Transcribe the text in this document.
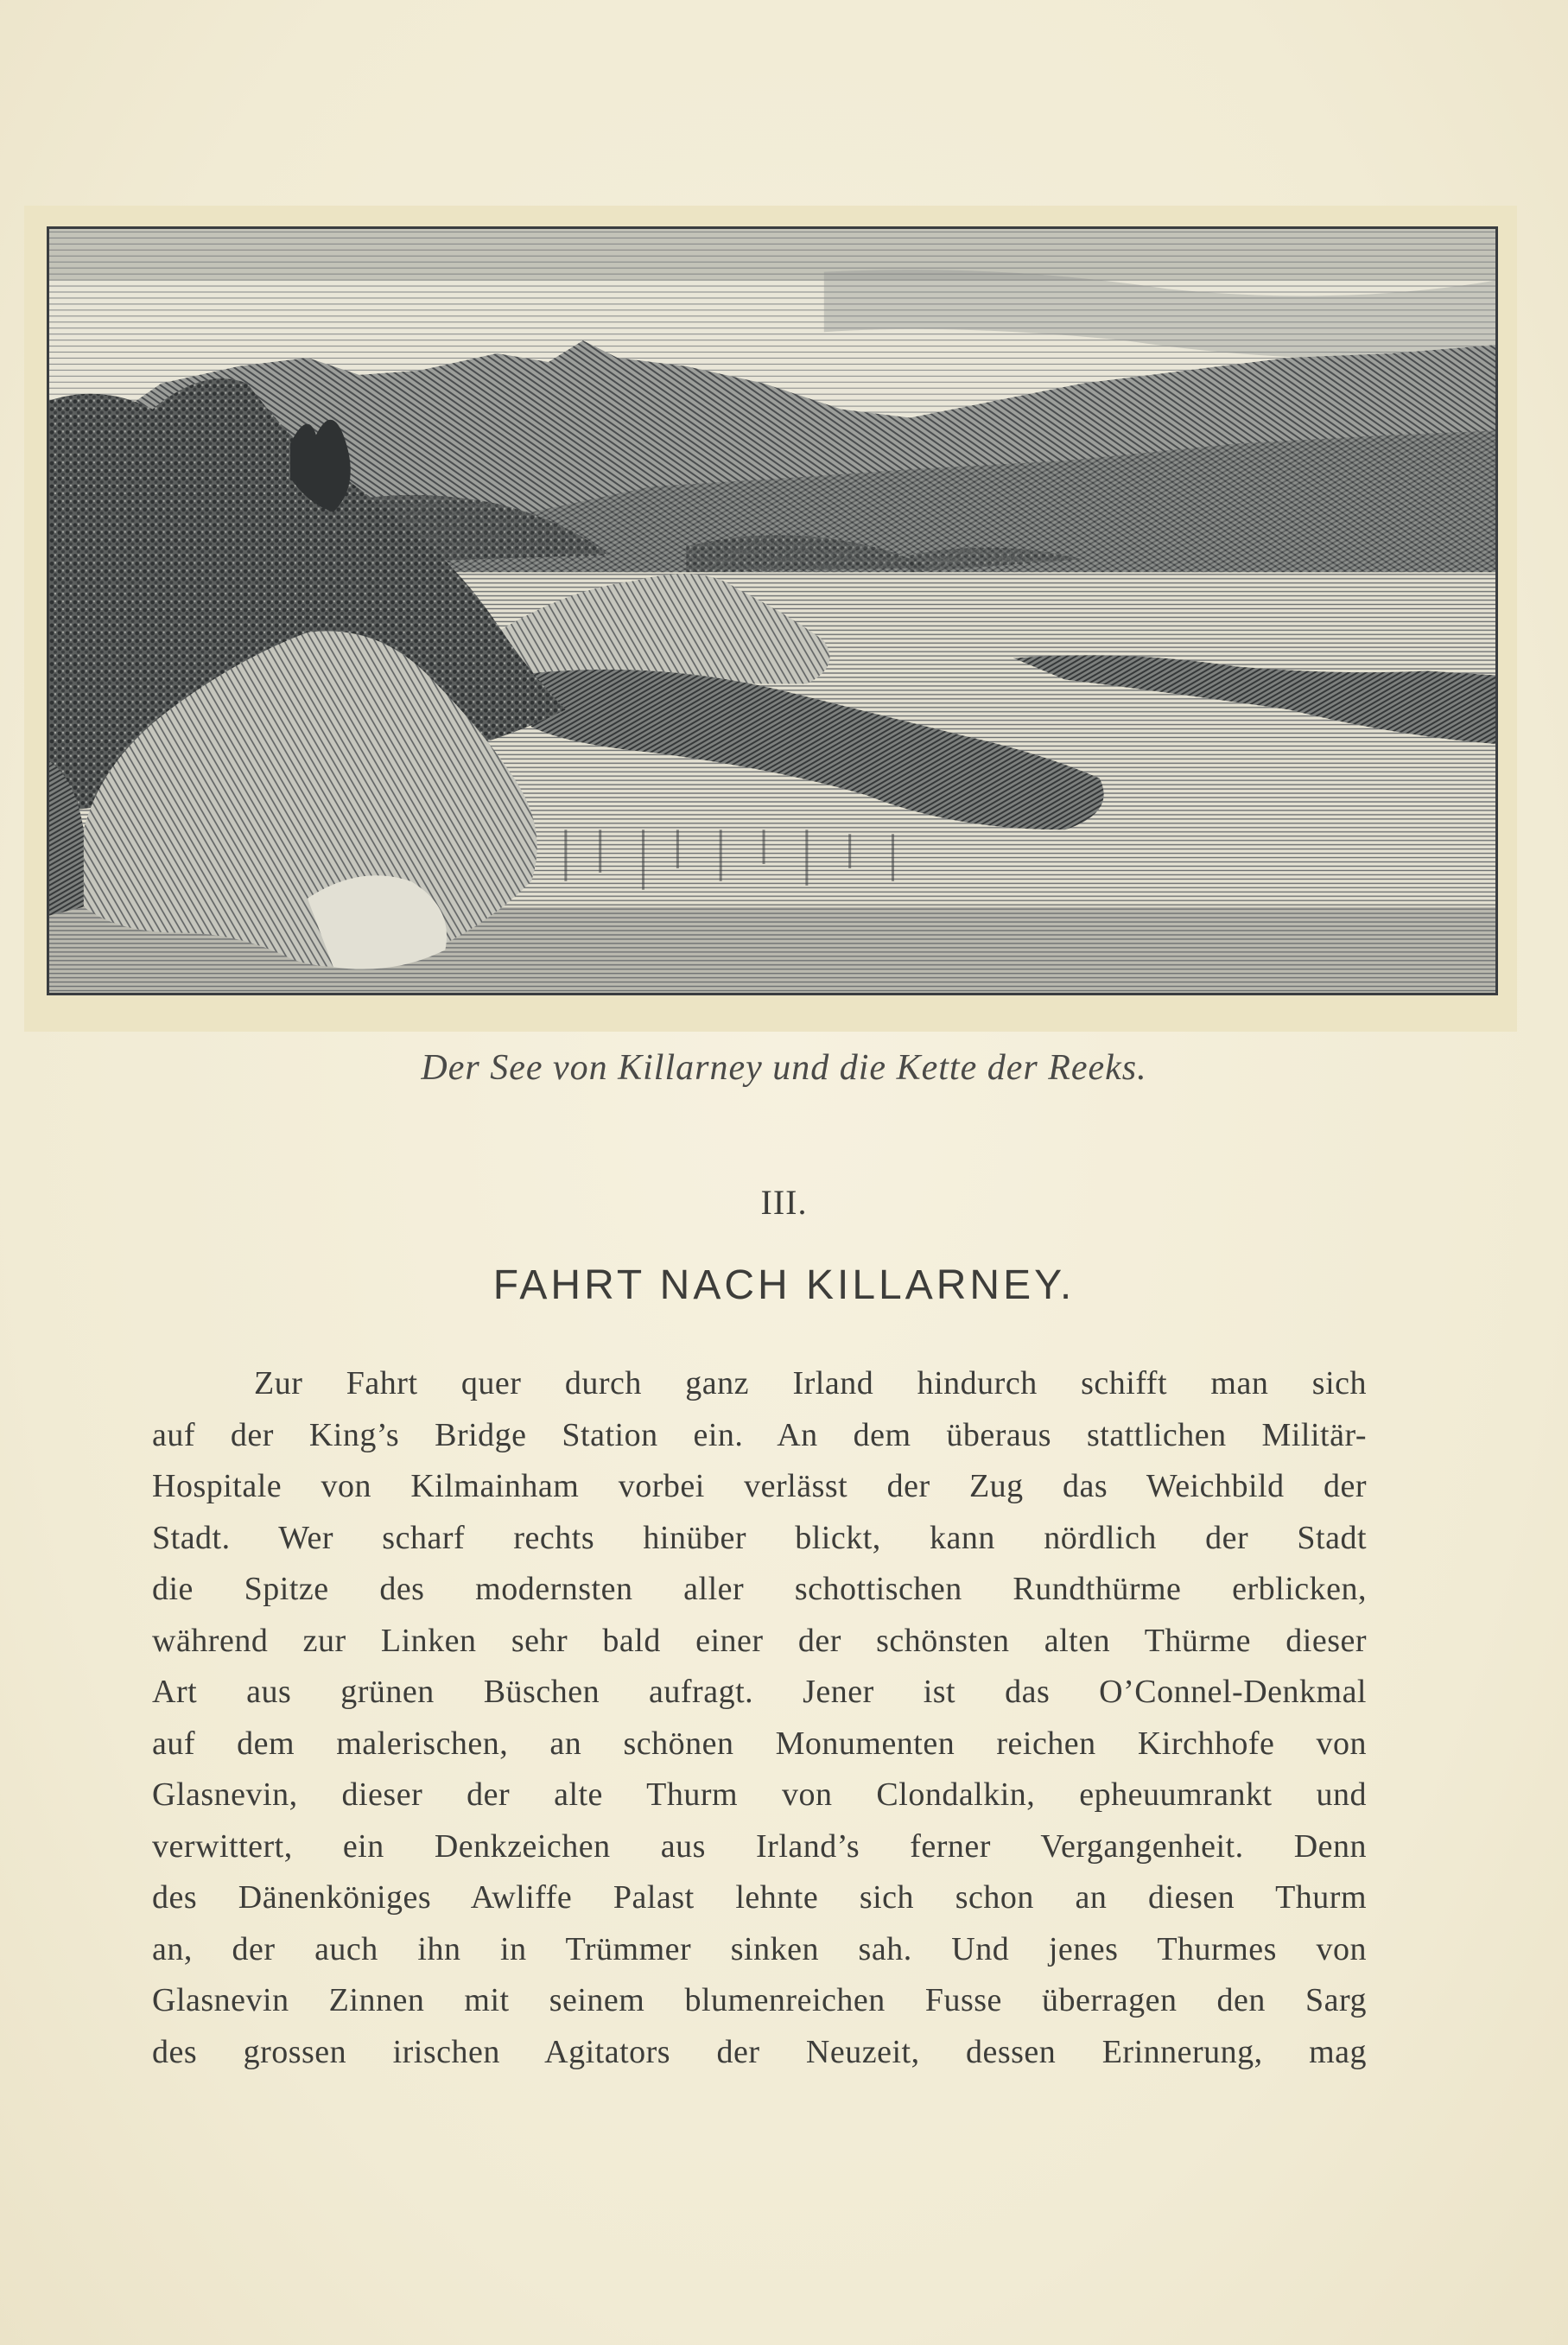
Der See von Killarney und die Kette der Reeks.
III.
FAHRT NACH KILLARNEY.
Zur Fahrt quer durch ganz Irland hindurch schifft man sich
auf der King’s Bridge Station ein. An dem überaus stattlichen Militär-
Hospitale von Kilmainham vorbei verlässt der Zug das Weichbild der
Stadt. Wer scharf rechts hinüber blickt, kann nördlich der Stadt
die Spitze des modernsten aller schottischen Rundthürme erblicken,
während zur Linken sehr bald einer der schönsten alten Thürme dieser
Art aus grünen Büschen aufragt. Jener ist das O’Connel-Denkmal
auf dem malerischen, an schönen Monumenten reichen Kirchhofe von
Glasnevin, dieser der alte Thurm von Clondalkin, epheuumrankt und
verwittert, ein Denkzeichen aus Irland’s ferner Vergangenheit. Denn
des Dänenköniges Awliffe Palast lehnte sich schon an diesen Thurm
an, der auch ihn in Trümmer sinken sah. Und jenes Thurmes von
Glasnevin Zinnen mit seinem blumenreichen Fusse überragen den Sarg
des grossen irischen Agitators der Neuzeit, dessen Erinnerung, mag
